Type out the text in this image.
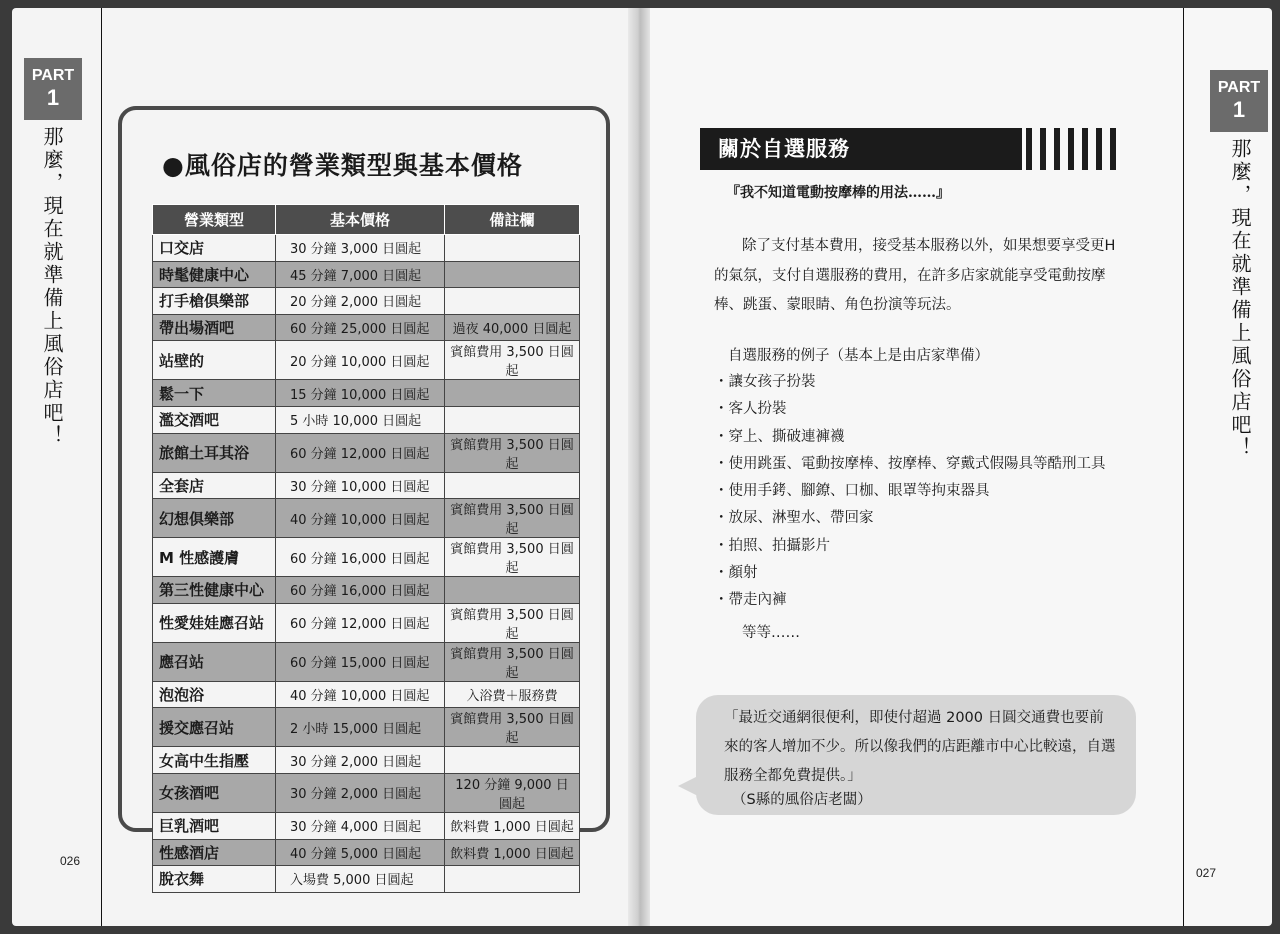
PART
1
那麼，現在就準備上風俗店吧！
026
●風俗店的營業類型與基本價格
營業類型	基本價格	備註欄
口交店	30 分鐘 3,000 日圓起	
時髦健康中心	45 分鐘 7,000 日圓起	
打手槍俱樂部	20 分鐘 2,000 日圓起	
帶出場酒吧	60 分鐘 25,000 日圓起	過夜 40,000 日圓起
站壁的	20 分鐘 10,000 日圓起	賓館費用 3,500 日圓起
鬆一下	15 分鐘 10,000 日圓起	
濫交酒吧	5 小時 10,000 日圓起	
旅館土耳其浴	60 分鐘 12,000 日圓起	賓館費用 3,500 日圓起
全套店	30 分鐘 10,000 日圓起	
幻想俱樂部	40 分鐘 10,000 日圓起	賓館費用 3,500 日圓起
M 性感護膚	60 分鐘 16,000 日圓起	賓館費用 3,500 日圓起
第三性健康中心	60 分鐘 16,000 日圓起	
性愛娃娃應召站	60 分鐘 12,000 日圓起	賓館費用 3,500 日圓起
應召站	60 分鐘 15,000 日圓起	賓館費用 3,500 日圓起
泡泡浴	40 分鐘 10,000 日圓起	入浴費＋服務費
援交應召站	2 小時 15,000 日圓起	賓館費用 3,500 日圓起
女高中生指壓	30 分鐘 2,000 日圓起	
女孩酒吧	30 分鐘 2,000 日圓起	120 分鐘 9,000 日圓起
巨乳酒吧	30 分鐘 4,000 日圓起	飲料費 1,000 日圓起
性感酒店	40 分鐘 5,000 日圓起	飲料費 1,000 日圓起
脫衣舞	入場費 5,000 日圓起	
PART
1
那麼，現在就準備上風俗店吧！
027
關於自選服務
『我不知道電動按摩棒的用法……』
除了支付基本費用，接受基本服務以外，如果想要享受更H
的氣氛，支付自選服務的費用，在許多店家就能享受電動按摩
棒、跳蛋、蒙眼睛、角色扮演等玩法。
自選服務的例子（基本上是由店家準備）
・ 讓女孩子扮裝
・ 客人扮裝
・ 穿上、撕破連褲襪
・ 使用跳蛋、電動按摩棒、按摩棒、穿戴式假陽具等酷刑工具
・ 使用手銬、腳鐐、口枷、眼罩等拘束器具
・ 放尿、淋聖水、帶回家
・ 拍照、拍攝影片
・ 顏射
・ 帶走內褲
等等……
「最近交通網很便利，即使付超過 2000 日圓交通費也要前
來的客人增加不少。所以像我們的店距離市中心比較遠，自選
服務全都免費提供。」
（S縣的風俗店老闆）
